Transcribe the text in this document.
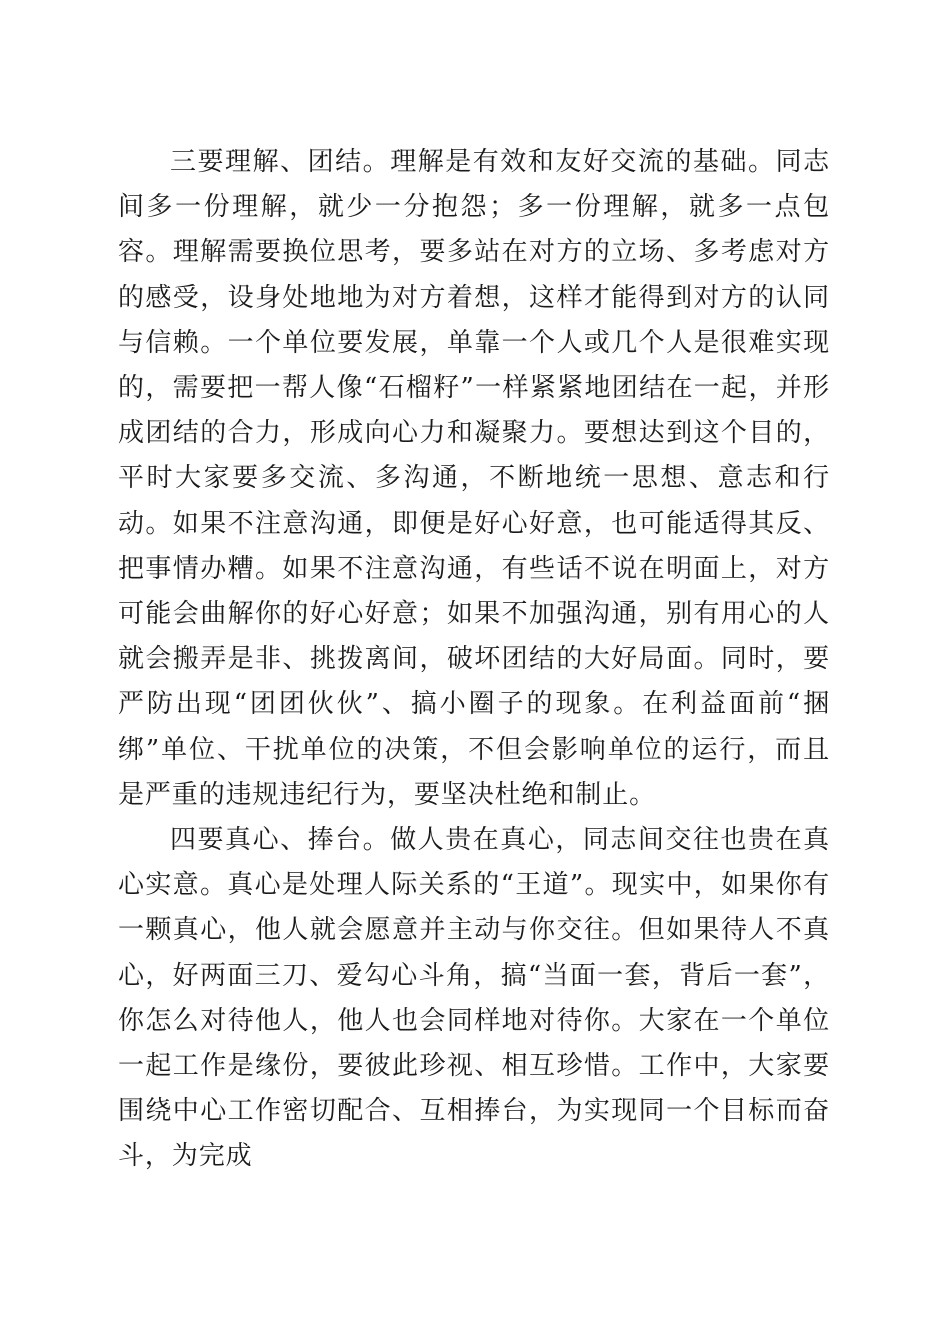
三要理解、团结。理解是有效和友好交流的基础。同志间多一份理解，就少一分抱怨；多一份理解，就多一点包容。理解需要换位思考，要多站在对方的立场、多考虑对方的感受，设身处地地为对方着想，这样才能得到对方的认同与信赖。一个单位要发展，单靠一个人或几个人是很难实现的，需要把一帮人像“石榴籽”一样紧紧地团结在一起，并形成团结的合力，形成向心力和凝聚力。要想达到这个目的，平时大家要多交流、多沟通，不断地统一思想、意志和行动。如果不注意沟通，即便是好心好意，也可能适得其反、把事情办糟。如果不注意沟通，有些话不说在明面上，对方可能会曲解你的好心好意；如果不加强沟通，别有用心的人就会搬弄是非、挑拨离间，破坏团结的大好局面。同时，要严防出现“团团伙伙”、搞小圈子的现象。在利益面前“捆绑”单位、干扰单位的决策，不但会影响单位的运行，而且是严重的违规违纪行为，要坚决杜绝和制止。

四要真心、捧台。做人贵在真心，同志间交往也贵在真心实意。真心是处理人际关系的“王道”。现实中，如果你有一颗真心，他人就会愿意并主动与你交往。但如果待人不真心，好两面三刀、爱勾心斗角，搞“当面一套，背后一套”，你怎么对待他人，他人也会同样地对待你。大家在一个单位一起工作是缘份，要彼此珍视、相互珍惜。工作中，大家要围绕中心工作密切配合、互相捧台，为实现同一个目标而奋斗，为完成
